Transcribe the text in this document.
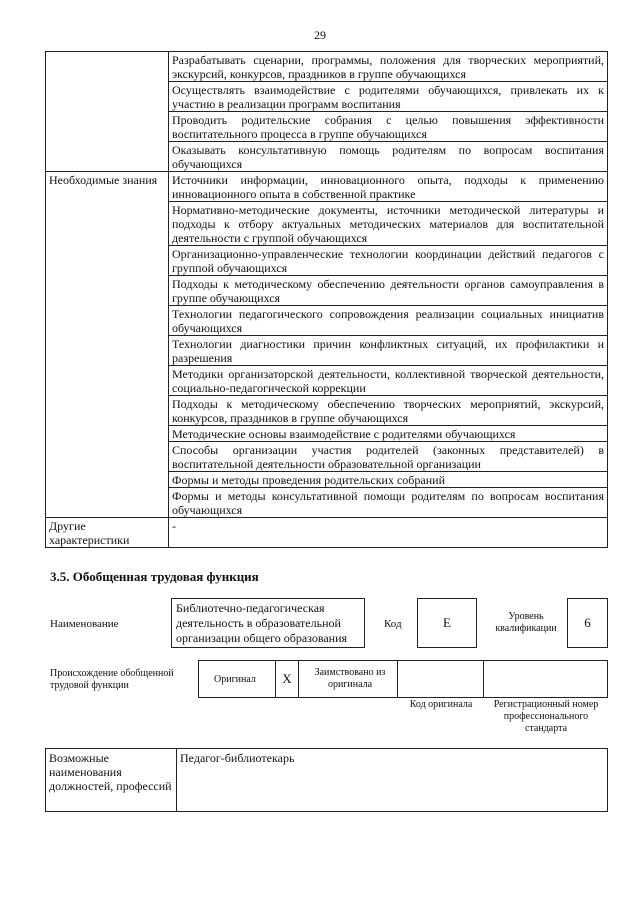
29
	Разрабатывать сценарии, программы, положения для творческих мероприятий, экскурсий, конкурсов, праздников в группе обучающихся
	Осуществлять взаимодействие с родителями обучающихся, привлекать их к участию в реализации программ воспитания
	Проводить родительские собрания с целью повышения эффективности воспитательного процесса в группе обучающихся
	Оказывать консультативную помощь родителям по вопросам воспитания обучающихся
Необходимые знания	Источники информации, инновационного опыта, подходы к применению инновационного опыта в собственной практике
	Нормативно-методические документы, источники методической литературы и подходы к отбору актуальных методических материалов для воспитательной деятельности с группой обучающихся
	Организационно-управленческие технологии координации действий педагогов с группой обучающихся
	Подходы к методическому обеспечению деятельности органов самоуправления в группе обучающихся
	Технологии педагогического сопровождения реализации социальных инициатив обучающихся
	Технологии диагностики причин конфликтных ситуаций, их профилактики и разрешения
	Методики организаторской деятельности, коллективной творческой деятельности, социально-педагогической коррекции
	Подходы к методическому обеспечению творческих мероприятий, экскурсий, конкурсов, праздников в группе обучающихся
	Методические основы взаимодействие с родителями обучающихся
	Способы организации участия родителей (законных представителей) в воспитательной деятельности образовательной организации
	Формы и методы проведения родительских собраний
	Формы и методы консультативной помощи родителям по вопросам воспитания обучающихся
Другие характеристики	-
3.5. Обобщенная трудовая функция
Наименование
Библиотечно-педагогическая деятельность в образовательной организации общего образования
Код	E	Уровень квалификации	6
Происхождение обобщенной трудовой функции
Оригинал	X	Заимствовано из оригинала
Код оригинала	Регистрационный номер профессионального стандарта
Возможные наименования должностей, профессий	Педагог-библиотекарь
